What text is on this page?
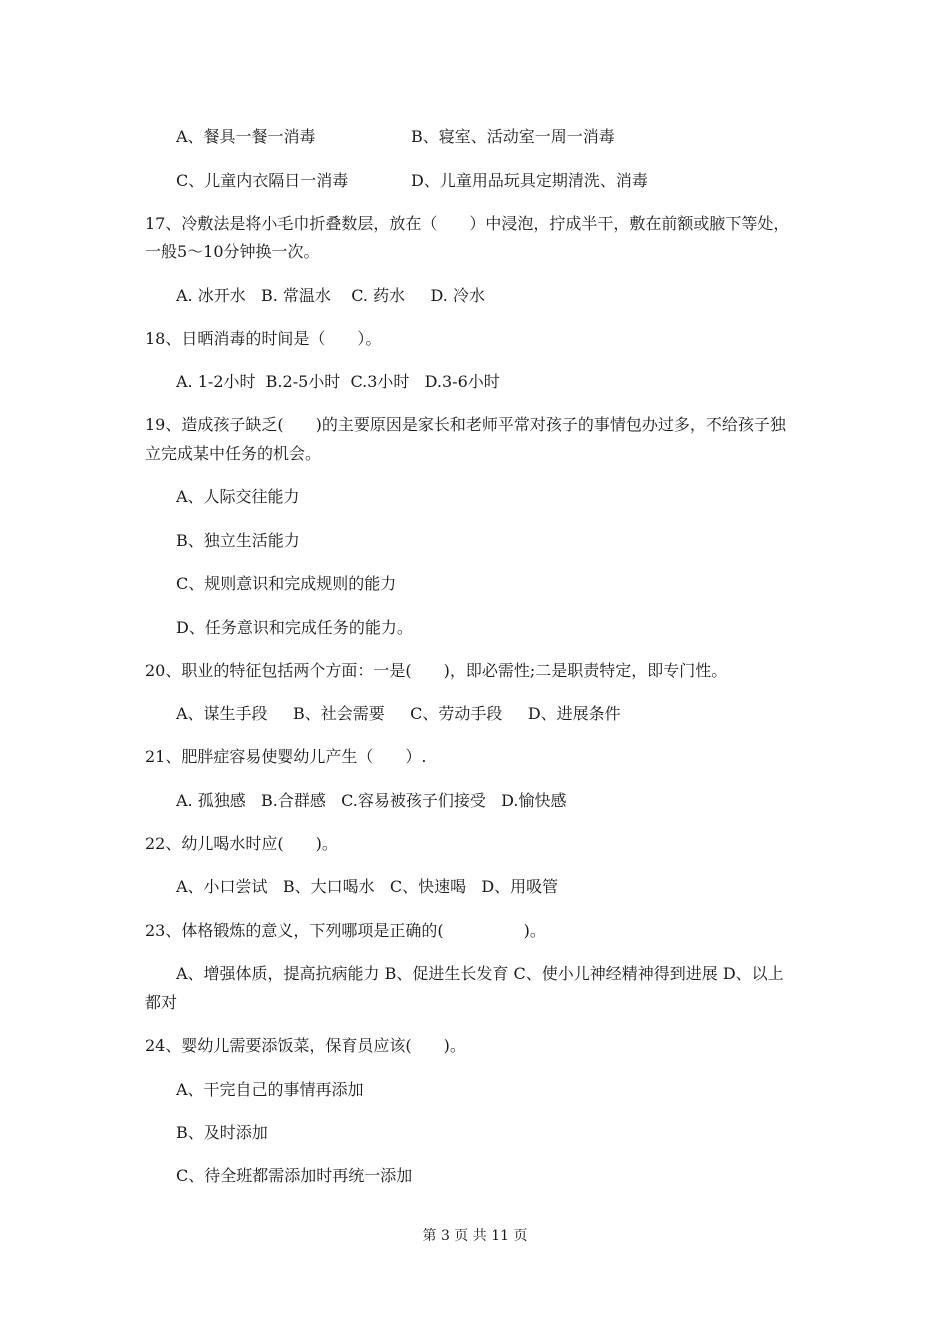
A、餐具一餐一消毒	B、寝室、活动室一周一消毒
C、儿童内衣隔日一消毒	D、儿童用品玩具定期清洗、消毒
17、冷敷法是将小毛巾折叠数层，放在（　　）中浸泡，拧成半干，敷在前额或腋下等处，
一般5～10分钟换一次。
A. 冰开水   B. 常温水    C. 药水     D. 冷水
18、日晒消毒的时间是（　　）。
A. 1-2小时  B.2-5小时  C.3小时   D.3-6小时
19、造成孩子缺乏(　　)的主要原因是家长和老师平常对孩子的事情包办过多，不给孩子独
立完成某中任务的机会。
A、人际交往能力
B、独立生活能力
C、规则意识和完成规则的能力
D、任务意识和完成任务的能力。
20、职业的特征包括两个方面：一是(　　)，即必需性;二是职责特定，即专门性。
A、谋生手段     B、社会需要     C、劳动手段     D、进展条件
21、肥胖症容易使婴幼儿产生（　　）.
A. 孤独感   B.合群感   C.容易被孩子们接受   D.愉快感
22、幼儿喝水时应(　　)。
A、小口尝试   B、大口喝水   C、快速喝   D、用吸管
23、体格锻炼的意义，下列哪项是正确的(　　　　　)。
A、增强体质，提高抗病能力 B、促进生长发育 C、使小儿神经精神得到进展 D、以上
都对
24、婴幼儿需要添饭菜，保育员应该(　　)。
A、干完自己的事情再添加
B、及时添加
C、待全班都需添加时再统一添加
第 3 页 共 11 页
